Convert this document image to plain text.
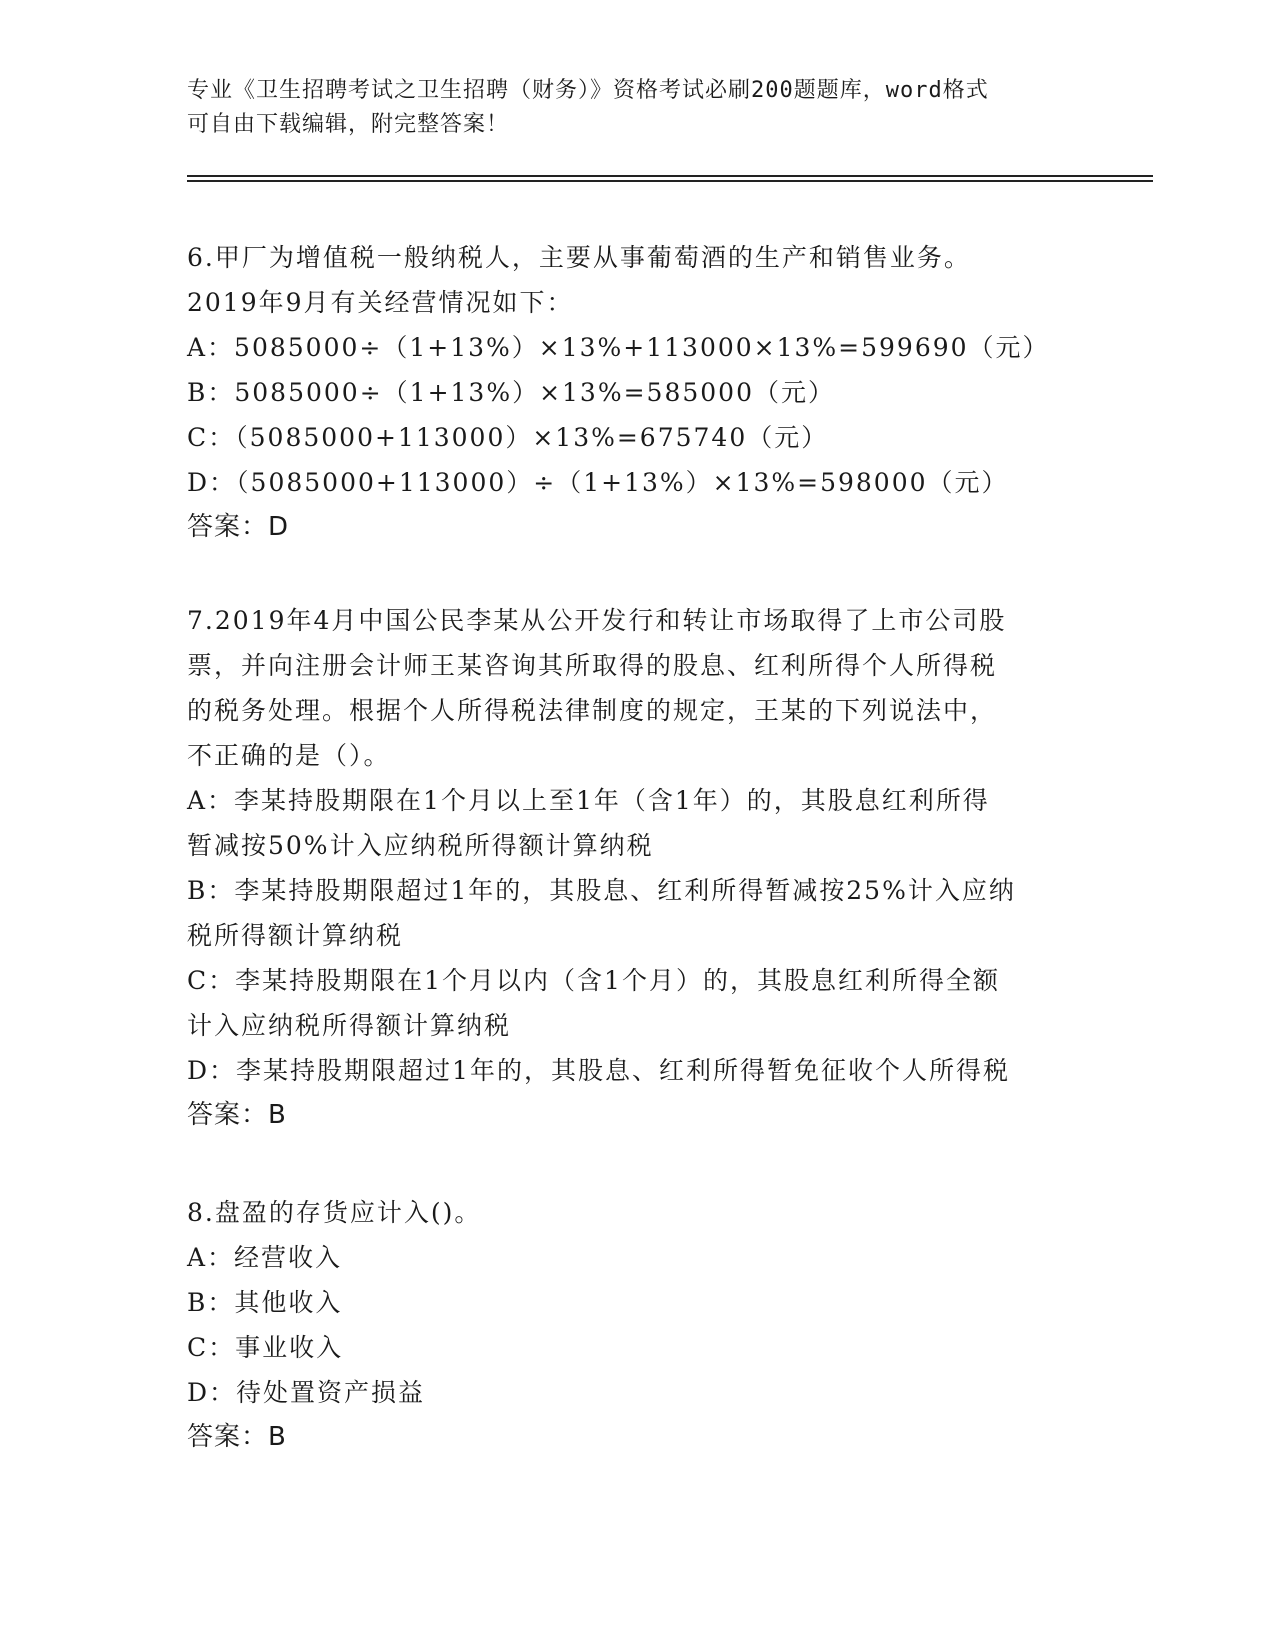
专业《卫生招聘考试之卫生招聘（财务）》资格考试必刷200题题库，word格式
可自由下载编辑，附完整答案！
6.甲厂为增值税一般纳税人，主要从事葡萄酒的生产和销售业务。
2019年9月有关经营情况如下：
A：5085000÷（1+13%）×13%+113000×13%=599690（元）
B：5085000÷（1+13%）×13%=585000（元）
C：（5085000+113000）×13%=675740（元）
D：（5085000+113000）÷（1+13%）×13%=598000（元）
答案：D
7.2019年4月中国公民李某从公开发行和转让市场取得了上市公司股
票，并向注册会计师王某咨询其所取得的股息、红利所得个人所得税
的税务处理。根据个人所得税法律制度的规定，王某的下列说法中，
不正确的是（）。
A：李某持股期限在1个月以上至1年（含1年）的，其股息红利所得
暂减按50%计入应纳税所得额计算纳税
B：李某持股期限超过1年的，其股息、红利所得暂减按25%计入应纳
税所得额计算纳税
C：李某持股期限在1个月以内（含1个月）的，其股息红利所得全额
计入应纳税所得额计算纳税
D：李某持股期限超过1年的，其股息、红利所得暂免征收个人所得税
答案：B
8.盘盈的存货应计入()。
A：经营收入
B：其他收入
C：事业收入
D：待处置资产损益
答案：B
